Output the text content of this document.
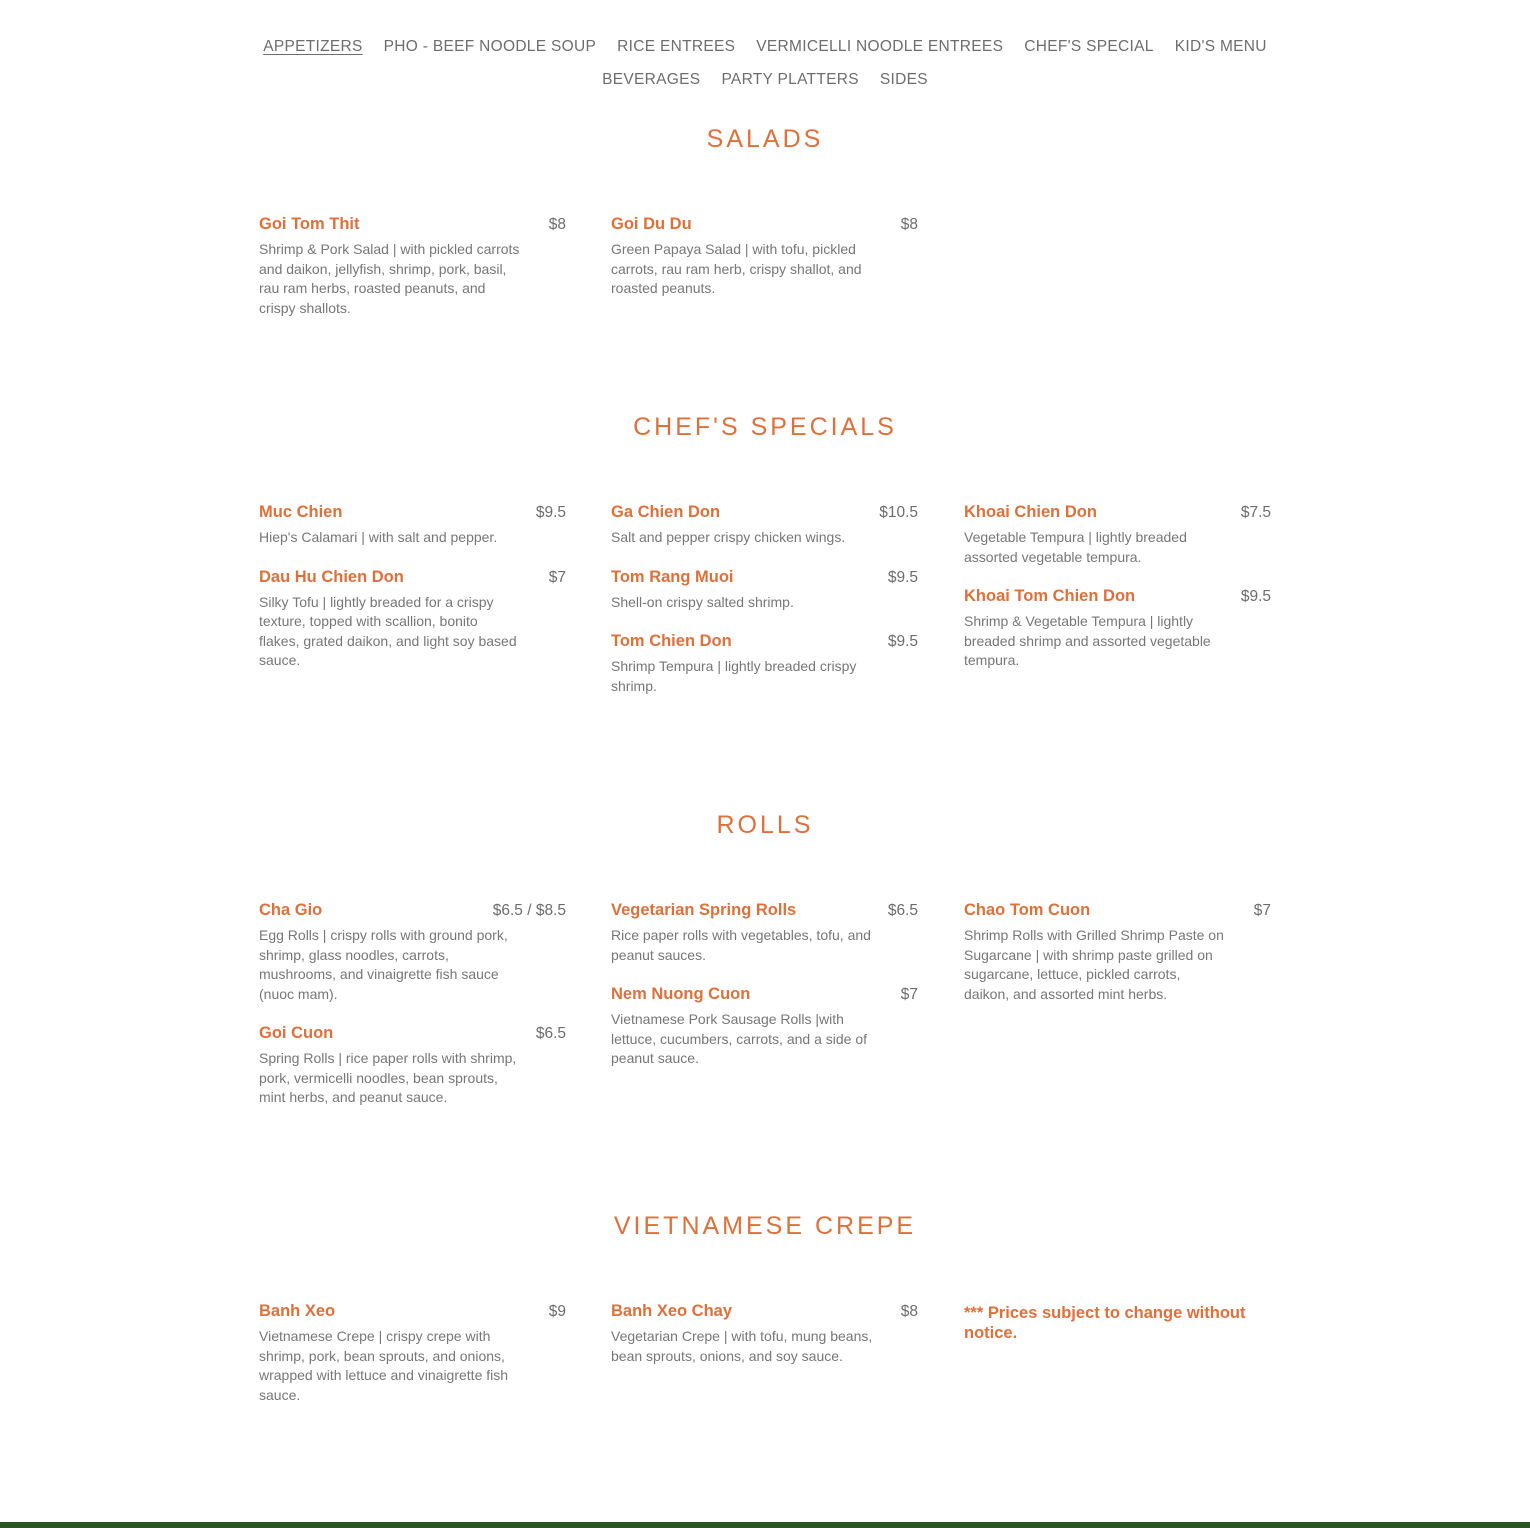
APPETIZERS PHO - BEEF NOODLE SOUP RICE ENTREES VERMICELLI NOODLE ENTREES CHEF'S SPECIAL KID'S MENU
BEVERAGES PARTY PLATTERS SIDES
SALADS
Goi Tom Thit	$8
Shrimp & Pork Salad | with pickled carrots and daikon, jellyfish, shrimp, pork, basil, rau ram herbs, roasted peanuts, and crispy shallots.
Goi Du Du	$8
Green Papaya Salad | with tofu, pickled carrots, rau ram herb, crispy shallot, and roasted peanuts.
CHEF'S SPECIALS
Muc Chien	$9.5
Hiep's Calamari | with salt and pepper.
Dau Hu Chien Don	$7
Silky Tofu | lightly breaded for a crispy texture, topped with scallion, bonito flakes, grated daikon, and light soy based sauce.
Ga Chien Don	$10.5
Salt and pepper crispy chicken wings.
Tom Rang Muoi	$9.5
Shell-on crispy salted shrimp.
Tom Chien Don	$9.5
Shrimp Tempura | lightly breaded crispy shrimp.
Khoai Chien Don	$7.5
Vegetable Tempura | lightly breaded assorted vegetable tempura.
Khoai Tom Chien Don	$9.5
Shrimp & Vegetable Tempura | lightly breaded shrimp and assorted vegetable tempura.
ROLLS
Cha Gio	$6.5 / $8.5
Egg Rolls | crispy rolls with ground pork, shrimp, glass noodles, carrots, mushrooms, and vinaigrette fish sauce (nuoc mam).
Goi Cuon	$6.5
Spring Rolls | rice paper rolls with shrimp, pork, vermicelli noodles, bean sprouts, mint herbs, and peanut sauce.
Vegetarian Spring Rolls	$6.5
Rice paper rolls with vegetables, tofu, and peanut sauces.
Nem Nuong Cuon	$7
Vietnamese Pork Sausage Rolls |with lettuce, cucumbers, carrots, and a side of peanut sauce.
Chao Tom Cuon	$7
Shrimp Rolls with Grilled Shrimp Paste on Sugarcane | with shrimp paste grilled on sugarcane, lettuce, pickled carrots, daikon, and assorted mint herbs.
VIETNAMESE CREPE
Banh Xeo	$9
Vietnamese Crepe | crispy crepe with shrimp, pork, bean sprouts, and onions, wrapped with lettuce and vinaigrette fish sauce.
Banh Xeo Chay	$8
Vegetarian Crepe | with tofu, mung beans, bean sprouts, onions, and soy sauce.
*** Prices subject to change without notice.
